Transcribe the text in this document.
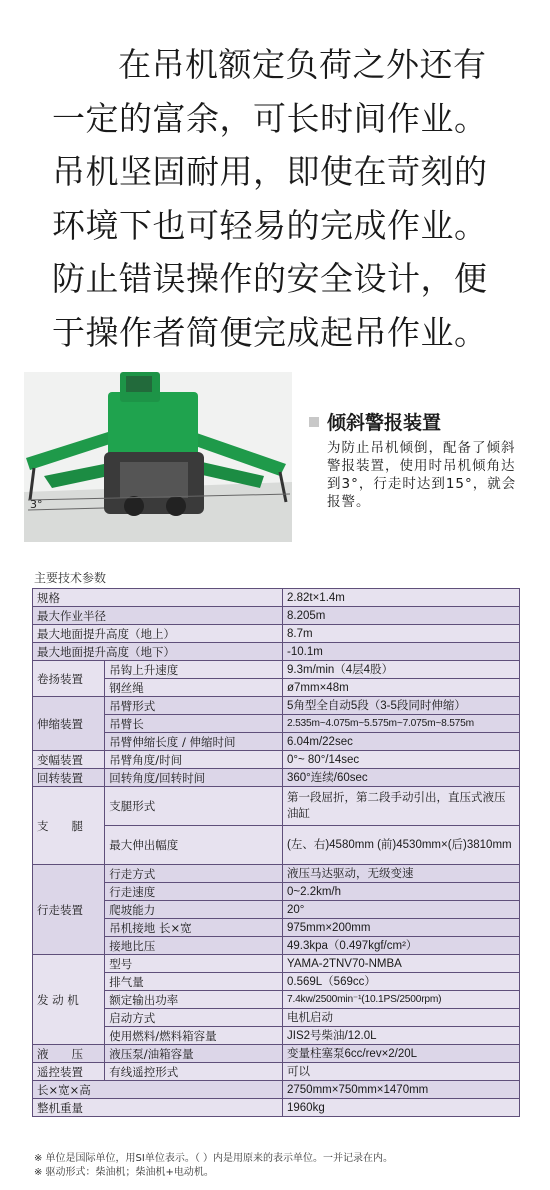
在吊机额定负荷之外还有一定的富余，可长时间作业。吊机坚固耐用，即使在苛刻的环境下也可轻易的完成作业。防止错误操作的安全设计，便于操作者简便完成起吊作业。

3°
倾斜警报装置
为防止吊机倾倒，配备了倾斜警报装置，使用时吊机倾角达到3°，行走时达到15°，就会报警。
主要技术参数
规格		2.82t×1.4m
最大作业半径		8.205m
最大地面提升高度（地上）		8.7m
最大地面提升高度（地下）		-10.1m
卷扬装置	吊钩上升速度	9.3m/min（4层4股）
	钢丝绳	ø7mm×48m
伸缩装置	吊臂形式	5角型全自动5段（3-5段同时伸缩）
	吊臂长	2.535m~4.075m~5.575m~7.075m~8.575m
	吊臂伸缩长度 / 伸缩时间	6.04m/22sec
变幅装置	吊臂角度/时间	0°~ 80°/14sec
回转装置	回转角度/回转时间	360°连续/60sec
支　　腿	支腿形式	第一段屈折，第二段手动引出，直压式液压油缸
	最大伸出幅度	(左、右)4580mm (前)4530mm×(后)3810mm
行走装置	行走方式	液压马达驱动，无级变速
	行走速度	0~2.2km/h
	爬坡能力	20°
	吊机接地 长×宽	975mm×200mm
	接地比压	49.3kpa（0.497kgf/cm²）
发 动 机	型号	YAMA-2TNV70-NMBA
	排气量	0.569L（569cc）
	额定输出功率	7.4kw/2500min⁻¹(10.1PS/2500rpm)
	启动方式	电机启动
	使用燃料/燃料箱容量	JIS2号柴油/12.0L
液　　压	液压泵/油箱容量	变量柱塞泵6cc/rev×2/20L
遥控装置	有线遥控形式	可以
长×宽×高		2750mm×750mm×1470mm
整机重量		1960kg
※ 单位是国际单位，用SI单位表示。（ ）内是用原来的表示单位。一并记录在内。
※ 驱动形式：柴油机；柴油机+电动机。
